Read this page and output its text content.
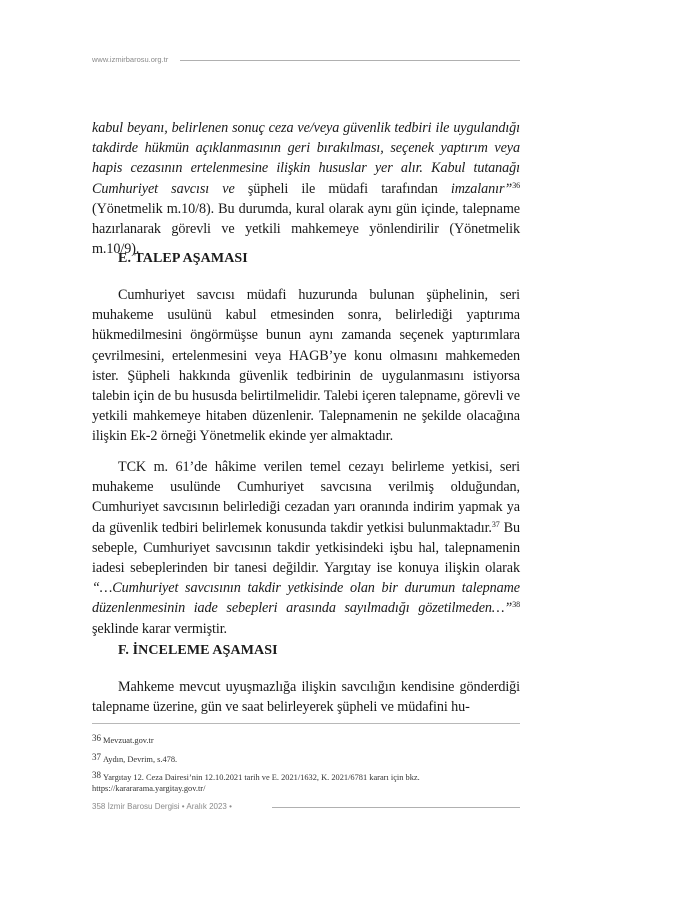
www.izmirbarosu.org.tr

kabul beyanı, belirlenen sonuç ceza ve/veya güvenlik tedbiri ile uygulandığı takdirde hükmün açıklanmasının geri bırakılması, seçenek yaptırım veya hapis cezasının ertelenmesine ilişkin hususlar yer alır. Kabul tutanağı Cumhuriyet savcısı ve şüpheli ile müdafi tarafından imzalanır”$^{36}$ (Yönetmelik m.10/8). Bu durumda, kural olarak aynı gün içinde, talepname hazırlanarak görevli ve yetkili mahkemeye yönlendirilir (Yönetmelik m.10/9).

E. TALEP AŞAMASI

Cumhuriyet savcısı müdafi huzurunda bulunan şüphelinin, seri muhakeme usulünü kabul etmesinden sonra, belirlediği yaptırıma hükmedilmesini öngörmüşse bunun aynı zamanda seçenek yaptırımlara çevrilmesini, ertelenmesini veya HAGB’ye konu olmasını mahkemeden ister. Şüpheli hakkında güvenlik tedbirinin de uygulanmasını istiyorsa talebin için de bu hususda belirtilmelidir. Talebi içeren talepname, görevli ve yetkili mahkemeye hitaben düzenlenir. Talepnamenin ne şekilde olacağına ilişkin Ek-2 örneği Yönetmelik ekinde yer almaktadır.

TCK m. 61’de hâkime verilen temel cezayı belirleme yetkisi, seri muhakeme usulünde Cumhuriyet savcısına verilmiş olduğundan, Cumhuriyet savcısının belirlediği cezadan yarı oranında indirim yapmak ya da güvenlik tedbiri belirlemek konusunda takdir yetkisi bulunmaktadır.$^{37}$ Bu sebeple, Cumhuriyet savcısının takdir yetkisindeki işbu hal, talepnamenin iadesi sebeplerinden bir tanesi değildir. Yargıtay ise konuya ilişkin olarak “…Cumhuriyet savcısının takdir yetkisinde olan bir durumun talepname düzenlenmesinin iade sebepleri arasında sayılmadığı gözetilmeden…”$^{38}$ şeklinde karar vermiştir.

F. İNCELEME AŞAMASI

Mahkeme mevcut uyuşmazlığa ilişkin savcılığın kendisine gönderdiği talepname üzerine, gün ve saat belirleyerek şüpheli ve müdafini hu-

36 Mevzuat.gov.tr
37 Aydın, Devrim, s.478.
38 Yargıtay 12. Ceza Dairesi’nin 12.10.2021 tarih ve E. 2021/1632, K. 2021/6781 kararı için bkz. https://karararama.yargitay.gov.tr/
358 İzmir Barosu Dergisi • Aralık 2023 •
